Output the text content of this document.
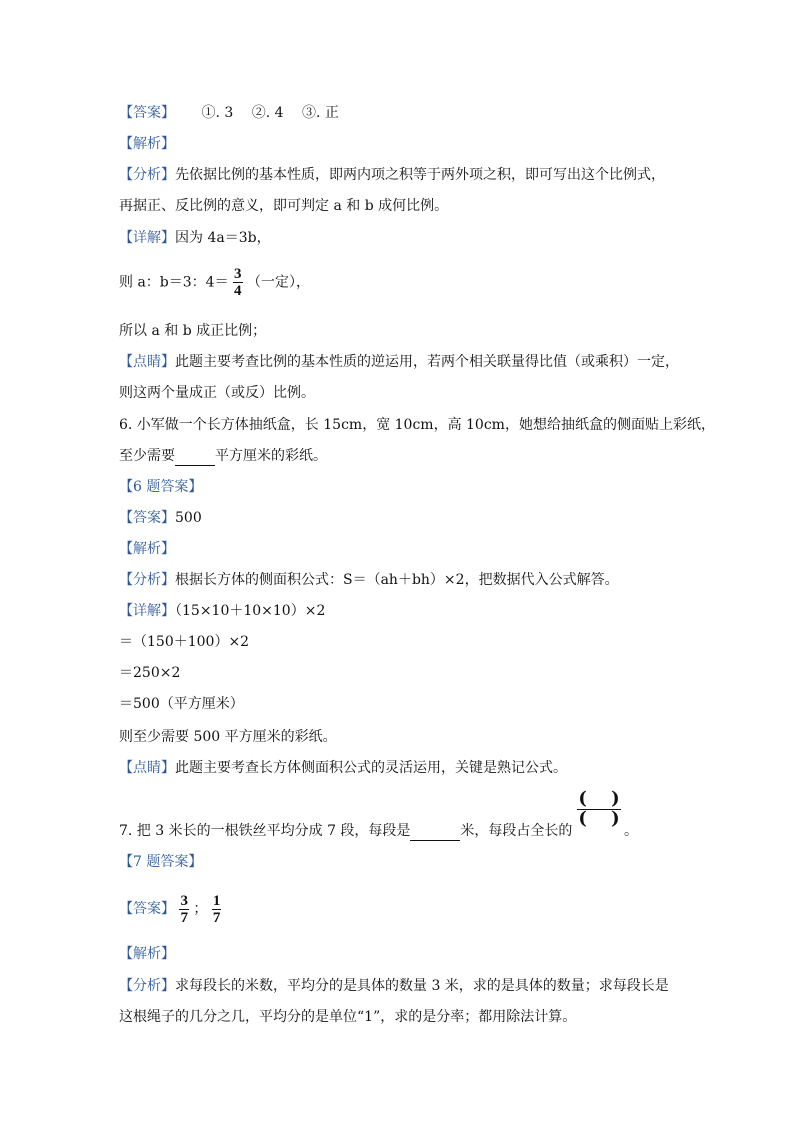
【答案】 ①. 3　 ②. 4　 ③. 正
【解析】
【分析】先依据比例的基本性质，即两内项之积等于两外项之积，即可写出这个比例式，
再据正、反比例的意义，即可判定 a 和 b 成何比例。
【详解】因为 4a＝3b，
则 a：b＝3：$4= \frac{3}{4}$ （一定），
所以 a 和 b 成正比例；
【点睛】此题主要考查比例的基本性质的逆运用，若两个相关联量得比值（或乘积）一定，
则这两个量成正（或反）比例。
6. 小军做一个长方体抽纸盒，长 15cm，宽 10cm，高 10cm，她想给抽纸盒的侧面贴上彩纸，
至少需要	平方厘米的彩纸。
【6 题答案】
【答案】500
【解析】
【分析】根据长方体的侧面积公式：S＝（ah＋bh）×2，把数据代入公式解答。
【详解】（15×10＋10×10）×2
＝（150＋100）×2
＝250×2
＝500（平方厘米）
则至少需要 500 平方厘米的彩纸。
【点睛】此题主要考查长方体侧面积公式的灵活运用，关键是熟记公式。
7. 把 3 米长的一根铁丝平均分成 7 段，每段是	米，每段占全长的
(　 )
(　 )
。
【7 题答案】
【答案】 $\frac{3}{7}$ ； $\frac{1}{7}$
【解析】
【分析】求每段长的米数，平均分的是具体的数量 3 米，求的是具体的数量；求每段长是
这根绳子的几分之几，平均分的是单位“1”，求的是分率；都用除法计算。
